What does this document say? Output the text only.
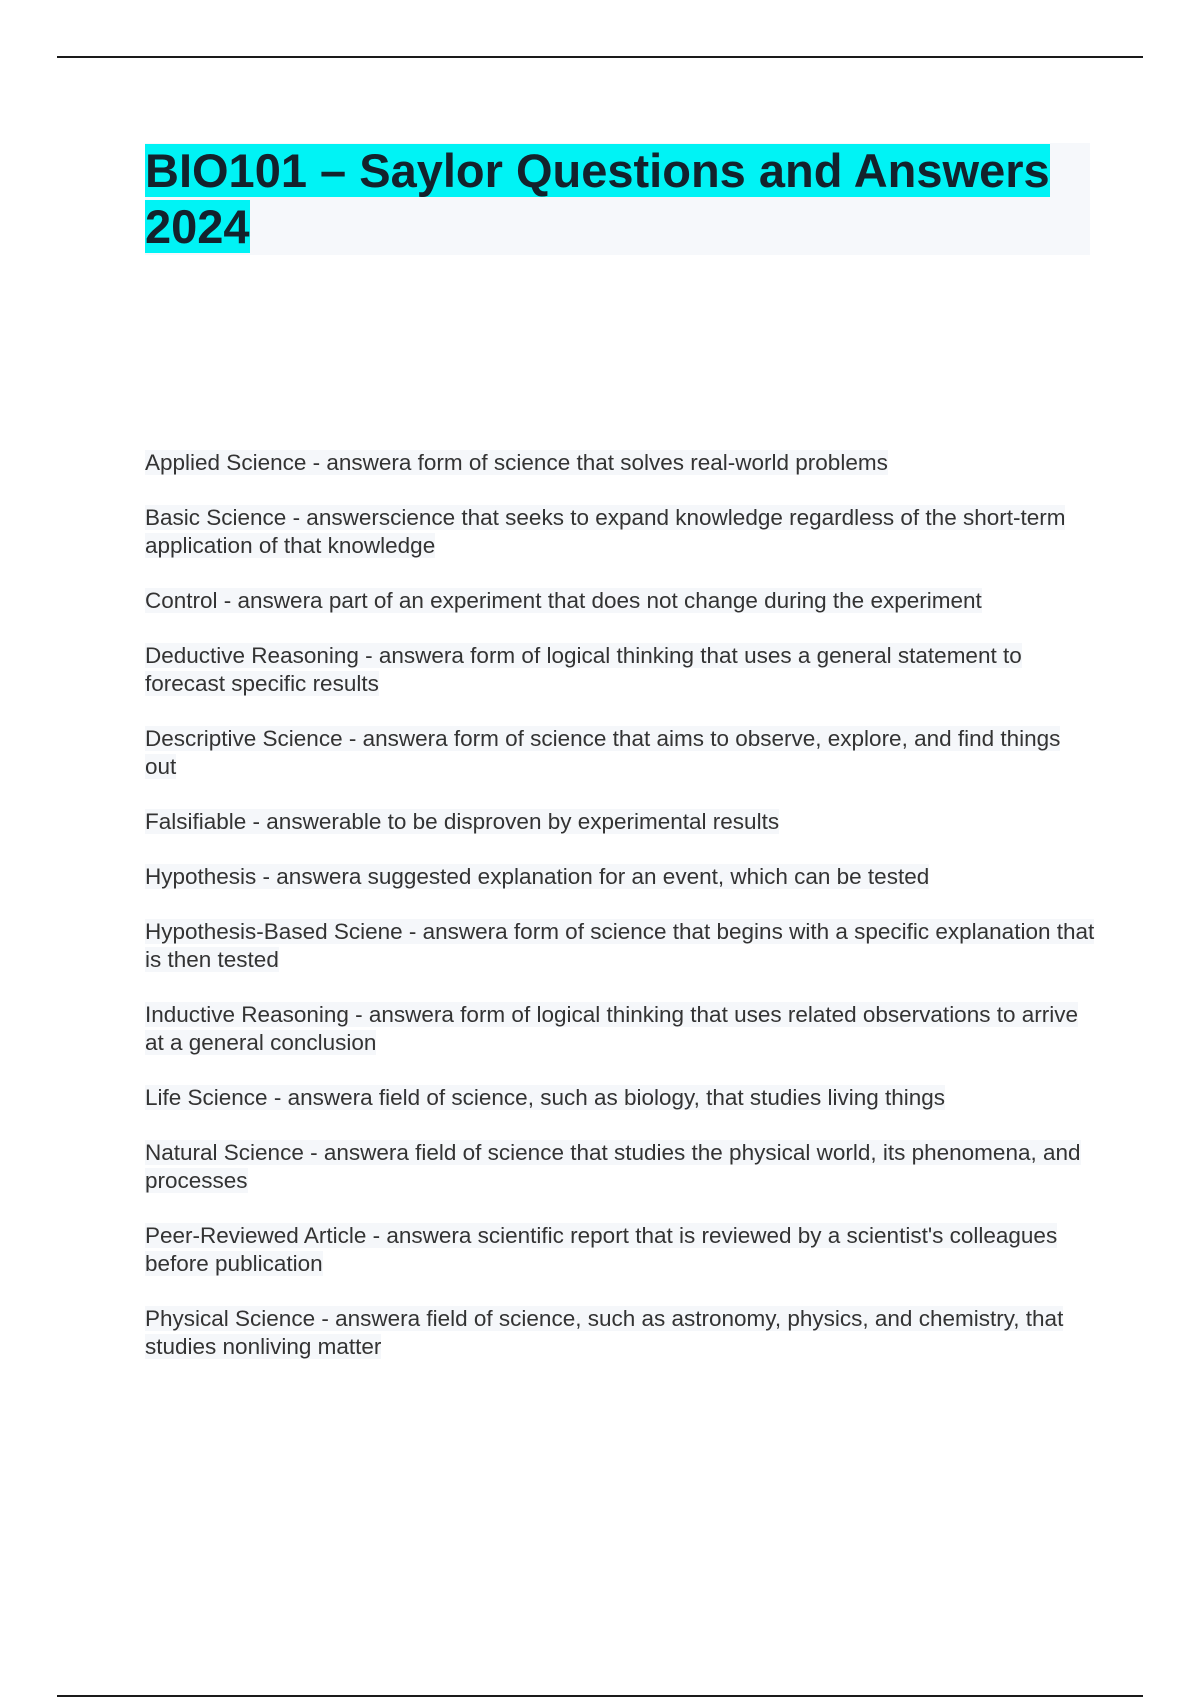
BIO101 – Saylor Questions and Answers 2024

Applied Science - answera form of science that solves real-world problems

Basic Science - answerscience that seeks to expand knowledge regardless of the short-term application of that knowledge

Control - answera part of an experiment that does not change during the experiment

Deductive Reasoning - answera form of logical thinking that uses a general statement to forecast specific results

Descriptive Science - answera form of science that aims to observe, explore, and find things out

Falsifiable - answerable to be disproven by experimental results

Hypothesis - answera suggested explanation for an event, which can be tested

Hypothesis-Based Sciene - answera form of science that begins with a specific explanation that is then tested

Inductive Reasoning - answera form of logical thinking that uses related observations to arrive at a general conclusion

Life Science - answera field of science, such as biology, that studies living things

Natural Science - answera field of science that studies the physical world, its phenomena, and processes

Peer-Reviewed Article - answera scientific report that is reviewed by a scientist's colleagues before publication

Physical Science - answera field of science, such as astronomy, physics, and chemistry, that studies nonliving matter
